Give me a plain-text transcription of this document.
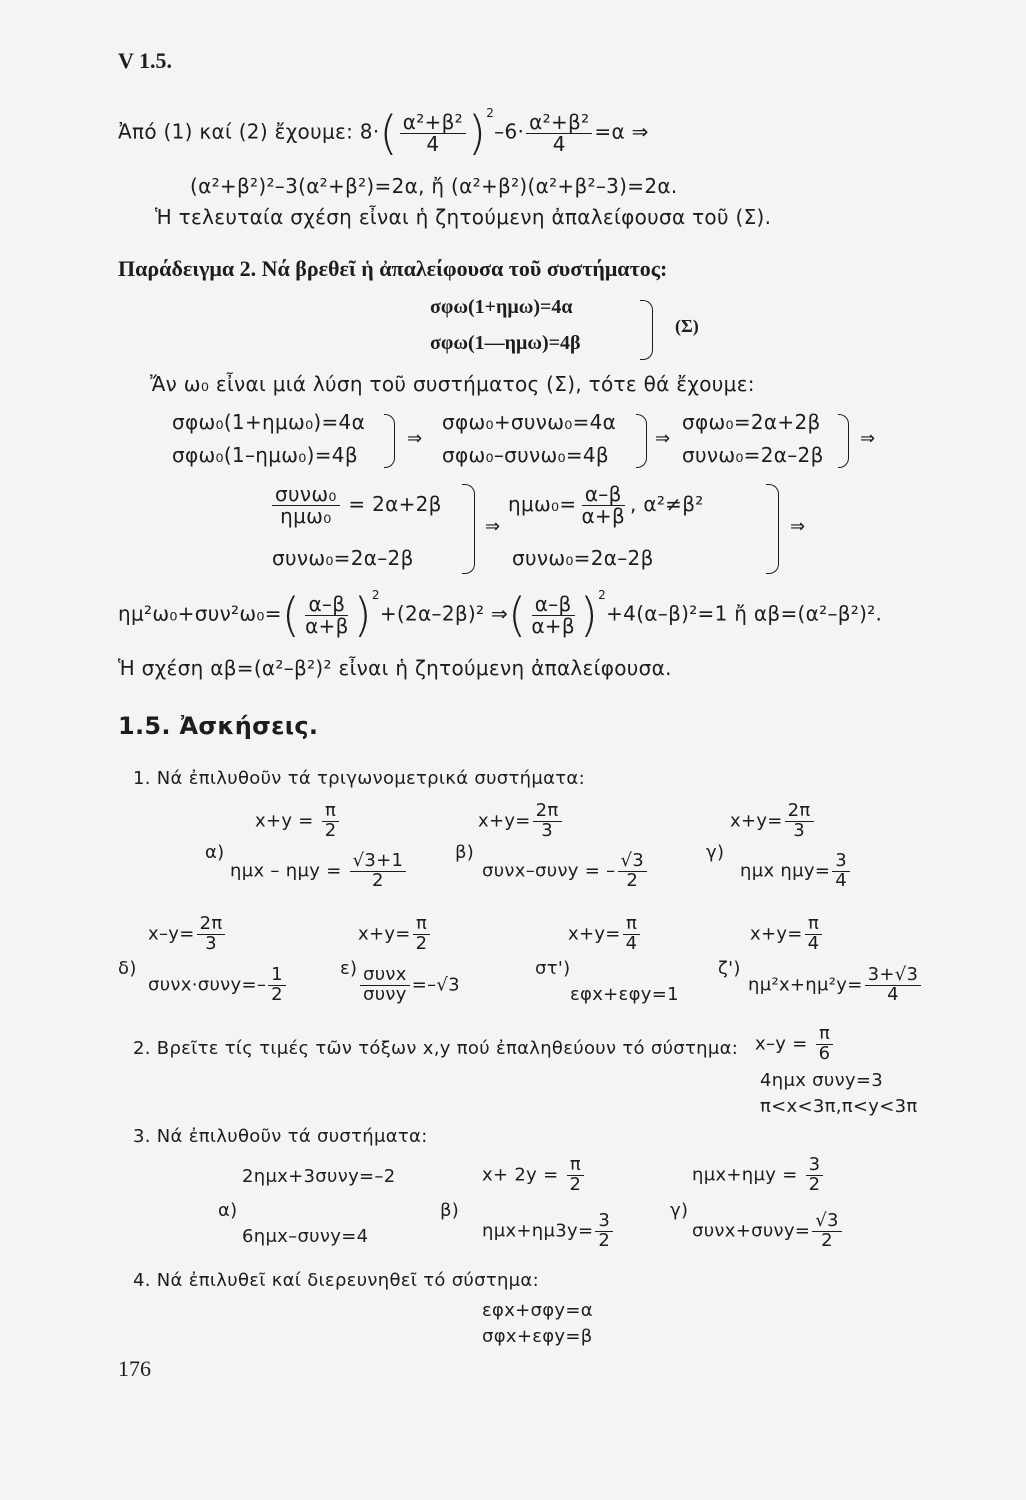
V 1.5.
Ἀπό (1) καί (2) ἔχουμε: $8\cdot( \frac{\text{α²+β²}}{4} )^2-6\cdot \frac{\text{α²+β²}}{4} =\alpha$ ⇒
(α²+β²)²–3(α²+β²)=2α, ἤ (α²+β²)(α²+β²–3)=2α.
Ἡ τελευταία σχέση εἶναι ἡ ζητούμενη ἀπαλείφουσα τοῦ (Σ).
Παράδειγμα 2. Νά βρεθεῖ ἡ ἀπαλείφουσα τοῦ συστήματος:
σφω(1+ημω)=4α
σφω(1—ημω)=4β
(Σ)
Ἄν ω₀ εἶναι μιά λύση τοῦ συστήματος (Σ), τότε θά ἔχουμε:
σφω₀(1+ημω₀)=4α
σφω₀(1–ημω₀)=4β
⇒
σφω₀+συνω₀=4α
σφω₀–συνω₀=4β
⇒
σφω₀=2α+2β
συνω₀=2α–2β
⇒
$\frac{\text{συνω₀}}{\text{ημω₀}} = 2\alpha+2\beta$
συνω₀=2α–2β
⇒
$\eta\mu\omega_0= \frac{\alpha-\beta}{\alpha+\beta}$ , α²≠β²
συνω₀=2α–2β
⇒
$\eta\mu^2\omega_0+\sigma\upsilon\nu^2\omega_0=( \frac{\alpha-\beta}{\alpha+\beta} )^2+(2\alpha-2\beta)^2$ ⇒( $\frac{\alpha-\beta}{\alpha+\beta} )^2+4(\alpha-\beta)^2=1$ ἤ αβ=(α²–β²)².
Ἡ σχέση αβ=(α²–β²)² εἶναι ἡ ζητούμενη ἀπαλείφουσα.
1.5. Ἀσκήσεις.
1. Νά ἐπιλυθοῦν τά τριγωνομετρικά συστήματα:
α)
$x+y = \frac{\pi}{2}$
$\eta\mu x - \eta\mu y = \frac{√3+1}{2}$	β)
$x+y= \frac{2\pi}{3}$
συνx–συνy = – $\frac{√3}{2}$	γ)
$x+y= \frac{2\pi}{3}$
ημx $\eta\mu y= \frac{3}{4}$
δ)
$x-y= \frac{2\pi}{3}$
$\sigma\upsilon\nu x\cdot\sigma\upsilon\nu y=- \frac{1}{2}$	ε)
$x+y= \frac{\pi}{2}$
$\frac{\text{συνx}}{\text{συνy}} =-√3$
στ')
$x+y= \frac{\pi}{4}$
εφx+εφy=1
ζ')
$x+y= \frac{\pi}{4}$
$\eta\mu^2x+\eta\mu^2y= \frac{3+√3}{4}$
2. Βρεῖτε τίς τιμές τῶν τόξων x,y πού ἐπαληθεύουν τό σύστημα: $x-y = \frac{\pi}{6}$
4ημx συνy=3
π<x<3π,π<y<3π
3. Νά ἐπιλυθοῦν τά συστήματα:
α)
2ημx+3συνy=–2
6ημx–συνy=4
β)
$x+ 2y = \frac{\pi}{2}$
$\eta\mu x+\eta\mu 3y= \frac{3}{2}$
γ)
$\eta\mu x+\eta\mu y = \frac{3}{2}$
$\sigma\upsilon\nu x+\sigma\upsilon\nu y= \frac{√3}{2}$
4. Νά ἐπιλυθεῖ καί διερευνηθεῖ τό σύστημα:
εφx+σφy=α
σφx+εφy=β
176
